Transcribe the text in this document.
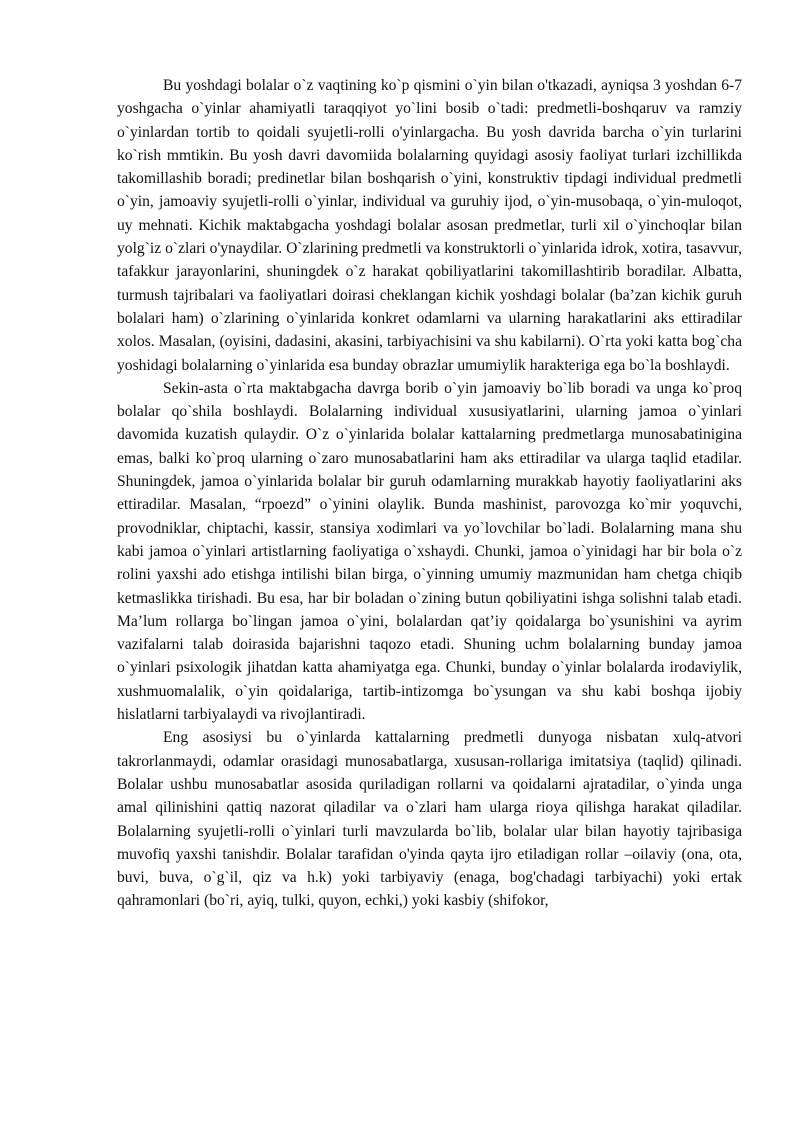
Bu yoshdagi bolalar o`z vaqtining ko`p qismini o`yin bilan o'tkazadi, ayniqsa 3 yoshdan 6-7 yoshgacha o`yinlar ahamiyatli taraqqiyot yo`lini bosib o`tadi: predmetli-boshqaruv va ramziy o`yinlardan tortib to qoidali syujetli-rolli o'yinlargacha. Bu yosh davrida barcha o`yin turlarini ko`rish mmtikin. Bu yosh davri davomiida bolalarning quyidagi asosiy faoliyat turlari izchillikda takomillashib boradi; predinetlar bilan boshqarish o`yini, konstruktiv tipdagi individual predmetli o`yin, jamoaviy syujetli-rolli o`yinlar, individual va guruhiy ijod, o`yin-musobaqa, o`yin-muloqot, uy mehnati. Kichik maktabgacha yoshdagi bolalar asosan predmetlar, turli xil o`yinchoqlar bilan yolg`iz o`zlari o'ynaydilar. O`zlarining predmetli va konstruktorli o`yinlarida idrok, xotira, tasavvur, tafakkur jarayonlarini, shuningdek o`z harakat qobiliyatlarini takomillashtirib boradilar. Albatta, turmush tajribalari va faoliyatlari doirasi cheklangan kichik yoshdagi bolalar (ba’zan kichik guruh bolalari ham) o`zlarining o`yinlarida konkret odamlarni va ularning harakatlarini aks ettiradilar xolos. Masalan, (oyisini, dadasini, akasini, tarbiyachisini va shu kabilarni). O`rta yoki katta bog`cha yoshidagi bolalarning o`yinlarida esa bunday obrazlar umumiylik harakteriga ega bo`la boshlaydi.

Sekin-asta o`rta maktabgacha davrga borib o`yin jamoaviy bo`lib boradi va unga ko`proq bolalar qo`shila boshlaydi. Bolalarning individual xususiyatlarini, ularning jamoa o`yinlari davomida kuzatish qulaydir. O`z o`yinlarida bolalar kattalarning predmetlarga munosabatinigina emas, balki ko`proq ularning o`zaro munosabatlarini ham aks ettiradilar va ularga taqlid etadilar. Shuningdek, jamoa o`yinlarida bolalar bir guruh odamlarning murakkab hayotiy faoliyatlarini aks ettiradilar. Masalan, “rpoezd” o`yinini olaylik. Bunda mashinist, parovozga ko`mir yoquvchi, provodniklar, chiptachi, kassir, stansiya xodimlari va yo`lovchilar bo`ladi. Bolalarning mana shu kabi jamoa o`yinlari artistlarning faoliyatiga o`xshaydi. Chunki, jamoa o`yinidagi har bir bola o`z rolini yaxshi ado etishga intilishi bilan birga, o`yinning umumiy mazmunidan ham chetga chiqib ketmaslikka tirishadi. Bu esa, har bir boladan o`zining butun qobiliyatini ishga solishni talab etadi. Ma’lum rollarga bo`lingan jamoa o`yini, bolalardan qat’iy qoidalarga bo`ysunishini va ayrim vazifalarni talab doirasida bajarishni taqozo etadi. Shuning uchm bolalarning bunday jamoa o`yinlari psixologik jihatdan katta ahamiyatga ega. Chunki, bunday o`yinlar bolalarda irodaviylik, xushmuomalalik, o`yin qoidalariga, tartib-intizomga bo`ysungan va shu kabi boshqa ijobiy hislatlarni tarbiyalaydi va rivojlantiradi.

Eng asosiysi bu o`yinlarda kattalarning predmetli dunyoga nisbatan xulq-atvori takrorlanmaydi, odamlar orasidagi munosabatlarga, xususan-rollariga imitatsiya (taqlid) qilinadi. Bolalar ushbu munosabatlar asosida quriladigan rollarni va qoidalarni ajratadilar, o`yinda unga amal qilinishini qattiq nazorat qiladilar va o`zlari ham ularga rioya qilishga harakat qiladilar. Bolalarning syujetli-rolli o`yinlari turli mavzularda bo`lib, bolalar ular bilan hayotiy tajribasiga muvofiq yaxshi tanishdir. Bolalar tarafidan o'yinda qayta ijro etiladigan rollar –oilaviy (ona, ota, buvi, buva, o`g`il, qiz va h.k) yoki tarbiyaviy (enaga, bog'chadagi tarbiyachi) yoki ertak qahramonlari (bo`ri, ayiq, tulki, quyon, echki,) yoki kasbiy (shifokor,
